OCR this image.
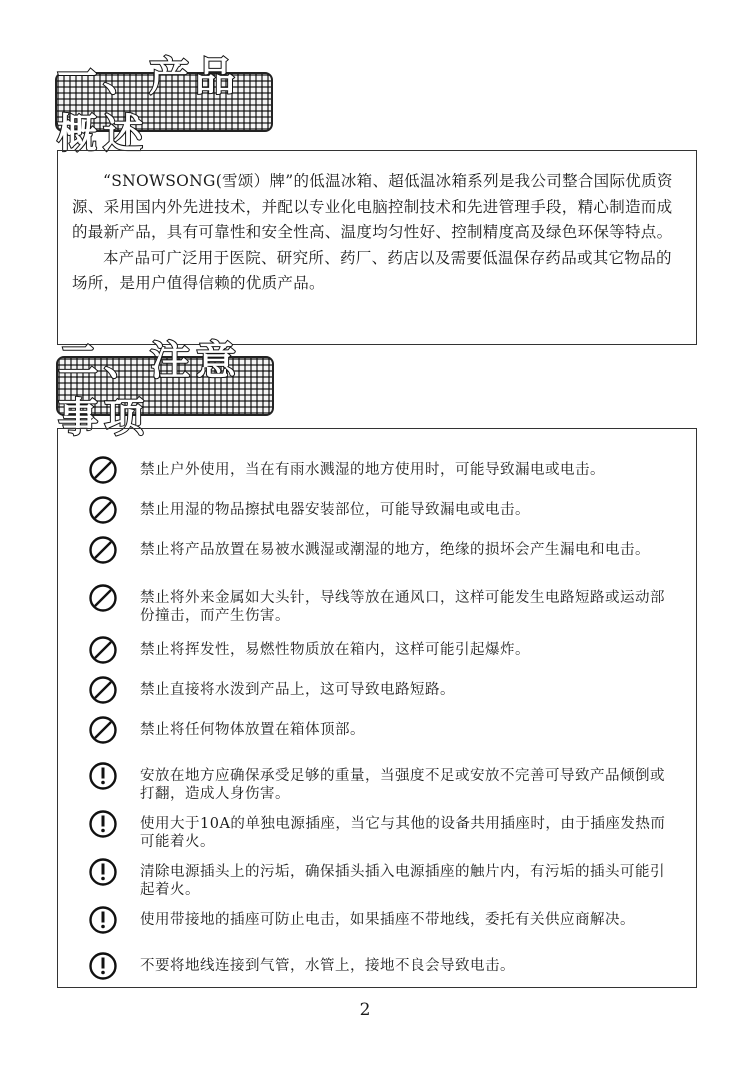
一、产品概述

“SNOWSONG(雪颂）牌”的低温冰箱、超低温冰箱系列是我公司整合国际优质资源、采用国内外先进技术，并配以专业化电脑控制技术和先进管理手段，精心制造而成的最新产品，具有可靠性和安全性高、温度均匀性好、控制精度高及绿色环保等特点。

本产品可广泛用于医院、研究所、药厂、药店以及需要低温保存药品或其它物品的场所，是用户值得信赖的优质产品。

二、注意事项
禁止户外使用，当在有雨水溅湿的地方使用时，可能导致漏电或电击。
禁止用湿的物品擦拭电器安装部位，可能导致漏电或电击。
禁止将产品放置在易被水溅湿或潮湿的地方，绝缘的损坏会产生漏电和电击。
禁止将外来金属如大头针，导线等放在通风口，这样可能发生电路短路或运动部份撞击，而产生伤害。
禁止将挥发性，易燃性物质放在箱内，这样可能引起爆炸。
禁止直接将水泼到产品上，这可导致电路短路。
禁止将任何物体放置在箱体顶部。
安放在地方应确保承受足够的重量，当强度不足或安放不完善可导致产品倾倒或打翻，造成人身伤害。
使用大于10A的单独电源插座，当它与其他的设备共用插座时，由于插座发热而可能着火。
清除电源插头上的污垢，确保插头插入电源插座的触片内，有污垢的插头可能引起着火。
使用带接地的插座可防止电击，如果插座不带地线，委托有关供应商解决。
不要将地线连接到气管，水管上，接地不良会导致电击。
2
